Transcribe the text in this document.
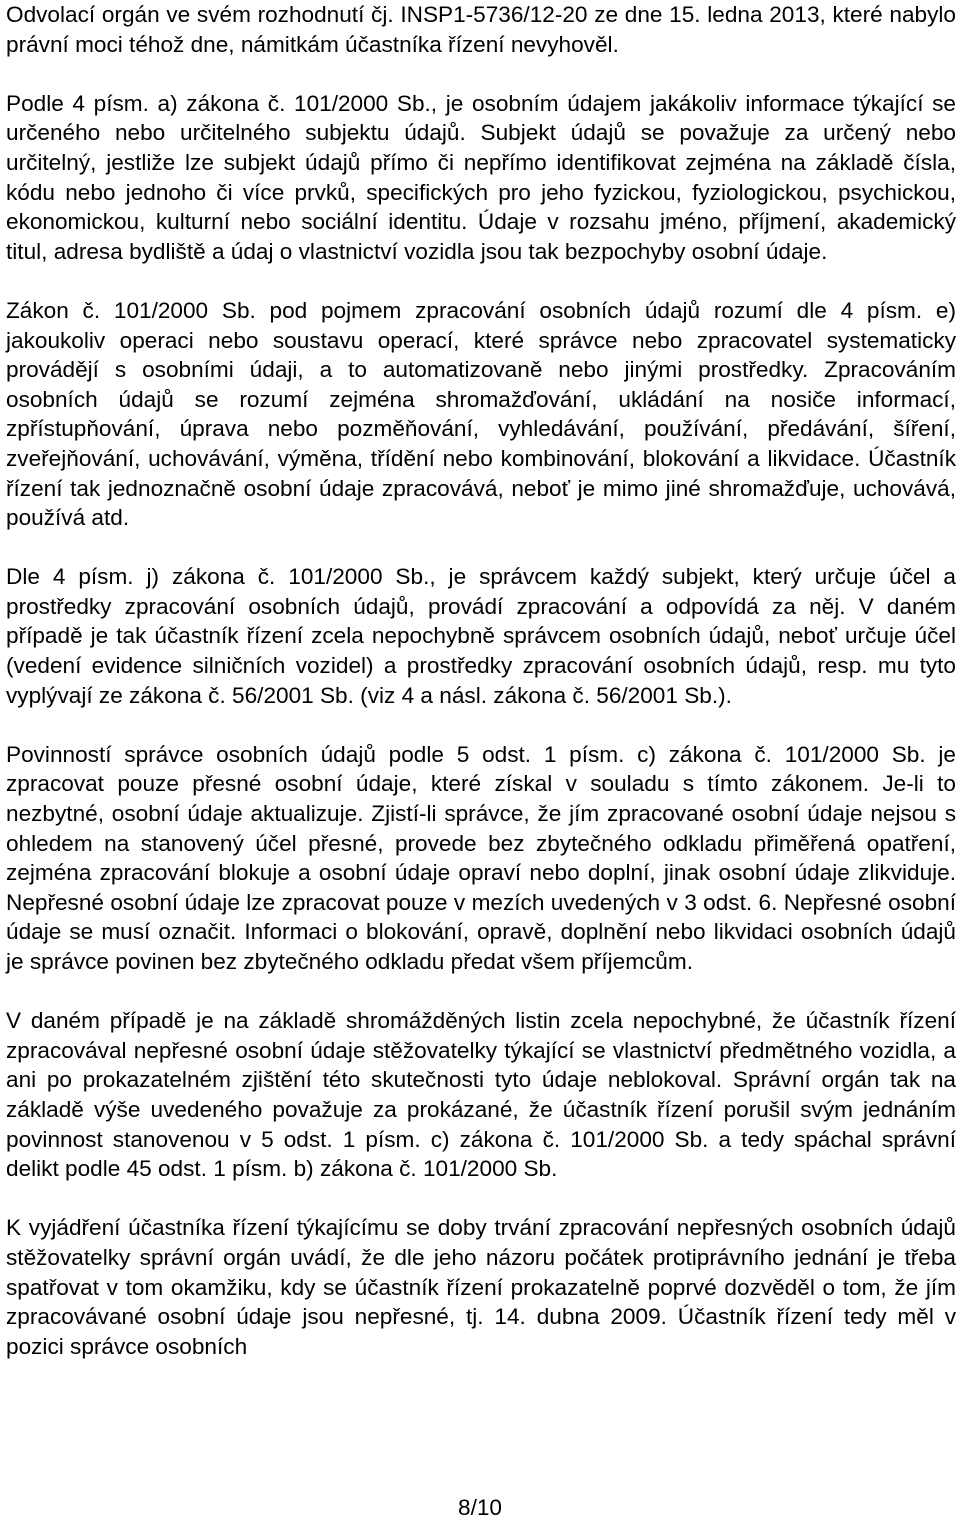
Odvolací orgán ve svém rozhodnutí čj. INSP1-5736/12-20 ze dne 15. ledna 2013, které nabylo právní moci téhož dne, námitkám účastníka řízení nevyhověl.

Podle 4 písm. a) zákona č. 101/2000 Sb., je osobním údajem jakákoliv informace týkající se určeného nebo určitelného subjektu údajů. Subjekt údajů se považuje za určený nebo určitelný, jestliže lze subjekt údajů přímo či nepřímo identifikovat zejména na základě čísla, kódu nebo jednoho či více prvků, specifických pro jeho fyzickou, fyziologickou, psychickou, ekonomickou, kulturní nebo sociální identitu. Údaje v rozsahu jméno, příjmení, akademický titul, adresa bydliště a údaj o vlastnictví vozidla jsou tak bezpochyby osobní údaje.

Zákon č. 101/2000 Sb. pod pojmem zpracování osobních údajů rozumí dle 4 písm. e) jakoukoliv operaci nebo soustavu operací, které správce nebo zpracovatel systematicky provádějí s osobními údaji, a to automatizovaně nebo jinými prostředky. Zpracováním osobních údajů se rozumí zejména shromažďování, ukládání na nosiče informací, zpřístupňování, úprava nebo pozměňování, vyhledávání, používání, předávání, šíření, zveřejňování, uchovávání, výměna, třídění nebo kombinování, blokování a likvidace. Účastník řízení tak jednoznačně osobní údaje zpracovává, neboť je mimo jiné shromažďuje, uchovává, používá atd.

Dle 4 písm. j) zákona č. 101/2000 Sb., je správcem každý subjekt, který určuje účel a prostředky zpracování osobních údajů, provádí zpracování a odpovídá za něj. V daném případě je tak účastník řízení zcela nepochybně správcem osobních údajů, neboť určuje účel (vedení evidence silničních vozidel) a prostředky zpracování osobních údajů, resp. mu tyto vyplývají ze zákona č. 56/2001 Sb. (viz 4 a násl. zákona č. 56/2001 Sb.).

Povinností správce osobních údajů podle 5 odst. 1 písm. c) zákona č. 101/2000 Sb. je zpracovat pouze přesné osobní údaje, které získal v souladu s tímto zákonem. Je-li to nezbytné, osobní údaje aktualizuje. Zjistí-li správce, že jím zpracované osobní údaje nejsou s ohledem na stanovený účel přesné, provede bez zbytečného odkladu přiměřená opatření, zejména zpracování blokuje a osobní údaje opraví nebo doplní, jinak osobní údaje zlikviduje. Nepřesné osobní údaje lze zpracovat pouze v mezích uvedených v 3 odst. 6. Nepřesné osobní údaje se musí označit. Informaci o blokování, opravě, doplnění nebo likvidaci osobních údajů je správce povinen bez zbytečného odkladu předat všem příjemcům.

V daném případě je na základě shromážděných listin zcela nepochybné, že účastník řízení zpracovával nepřesné osobní údaje stěžovatelky týkající se vlastnictví předmětného vozidla, a ani po prokazatelném zjištění této skutečnosti tyto údaje neblokoval. Správní orgán tak na základě výše uvedeného považuje za prokázané, že účastník řízení porušil svým jednáním povinnost stanovenou v 5 odst. 1 písm. c) zákona č. 101/2000 Sb. a tedy spáchal správní delikt podle 45 odst. 1 písm. b) zákona č. 101/2000 Sb.

K vyjádření účastníka řízení týkajícímu se doby trvání zpracování nepřesných osobních údajů stěžovatelky správní orgán uvádí, že dle jeho názoru počátek protiprávního jednání je třeba spatřovat v tom okamžiku, kdy se účastník řízení prokazatelně poprvé dozvěděl o tom, že jím zpracovávané osobní údaje jsou nepřesné, tj. 14. dubna 2009. Účastník řízení tedy měl v pozici správce osobních

8/10
